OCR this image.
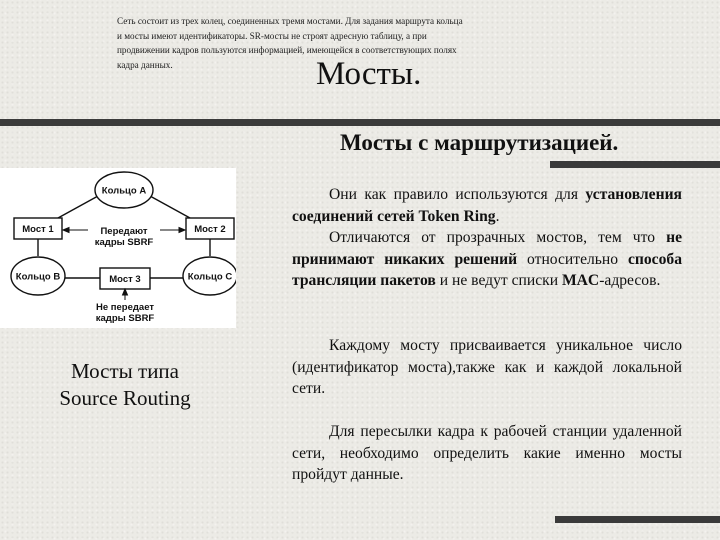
Сеть состоит из трех колец, соединенных тремя мостами. Для задания маршрута кольца и мосты имеют идентификаторы. SR-мосты не строят адресную таблицу, а при продвижении кадров пользуются информацией, имеющейся в соответствующих полях кадра данных.	Мосты.
Мосты с маршрутизацией.
Кольцо А
Кольцо В	Кольцо С
Мост 1	Мост 2
Мост 3
Передают
кадры SBRF
Не передает
кадры SBRF
Мосты типа
Source Routing

Они как правило используются для установления соединений сетей Token Ring.

Отличаются от прозрачных мостов, тем что не принимают никаких решений относительно способа трансляции пакетов и не ведут списки MAC-адресов.

Каждому мосту присваивается уникальное число (идентификатор моста),также как и каждой локальной сети.

Для пересылки кадра к рабочей станции удаленной сети, необходимо определить какие именно мосты пройдут данные.
